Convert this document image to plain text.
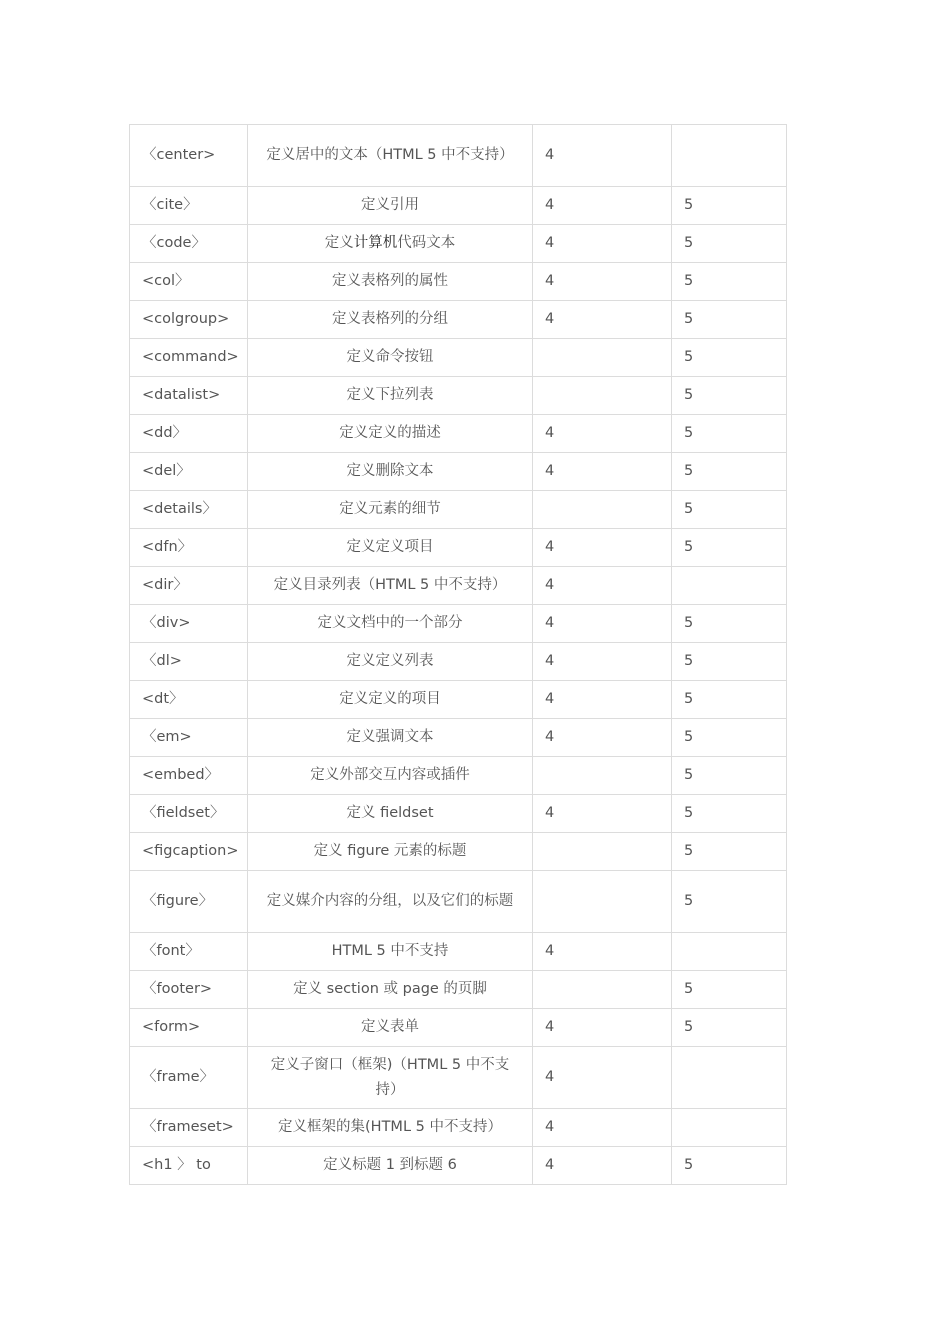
〈center>	定义居中的文本（HTML 5 中不支持）	4	
〈cite〉	定义引用	4	5
〈code〉	定义计算机代码文本	4	5
<col〉	定义表格列的属性	4	5
<colgroup>	定义表格列的分组	4	5
<command>	定义命令按钮		5
<datalist>	定义下拉列表		5
<dd〉	定义定义的描述	4	5
<del〉	定义删除文本	4	5
<details〉	定义元素的细节		5
<dfn〉	定义定义项目	4	5
<dir〉	定义目录列表（HTML 5 中不支持）	4	
〈div>	定义文档中的一个部分	4	5
〈dl>	定义定义列表	4	5
<dt〉	定义定义的项目	4	5
〈em>	定义强调文本	4	5
<embed〉	定义外部交互内容或插件		5
〈fieldset〉	定义 fieldset	4	5
<figcaption>	定义 figure 元素的标题		5
〈figure〉	定义媒介内容的分组，以及它们的标题		5
〈font〉	HTML 5 中不支持	4	
〈footer>	定义 section 或 page 的页脚		5
<form>	定义表单	4	5
〈frame〉	定义子窗口（框架)（HTML 5 中不支持）	4	
〈frameset>	定义框架的集(HTML 5 中不支持）	4	
<h1 〉 to	定义标题 1 到标题 6	4	5
